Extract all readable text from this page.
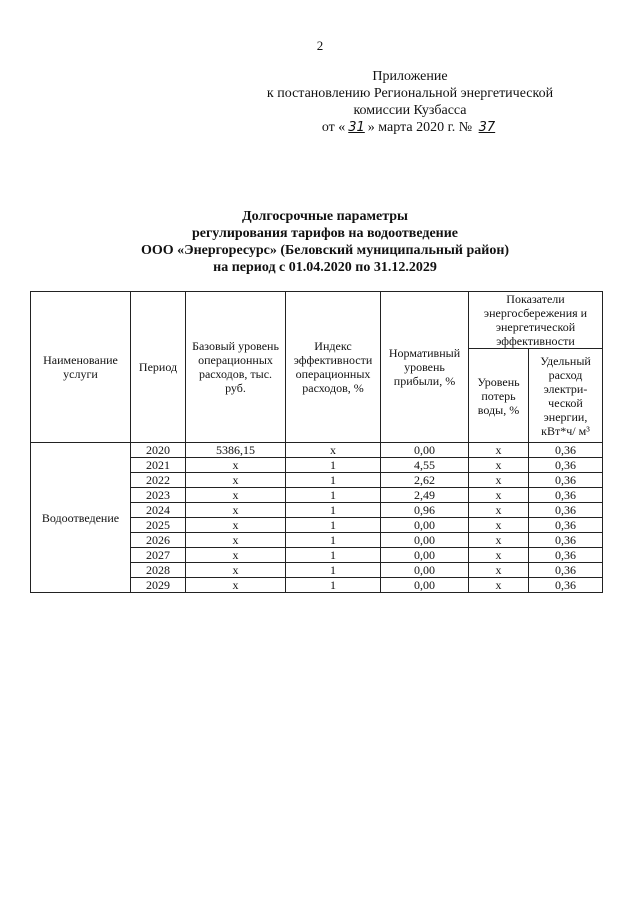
2
Приложение
к постановлению Региональной энергетической
комиссии Кузбасса
от « 31 » марта 2020 г. № 37
Долгосрочные параметры
регулирования тарифов на водоотведение
ООО «Энергоресурс» (Беловский муниципальный район)
на период с 01.04.2020 по 31.12.2029
Наименование услуги	Период	Базовый уровень операционных расходов, тыс. руб.	Индекс эффективности операционных расходов, %	Нормативный уровень прибыли, %	Показатели энергосбережения и энергетической эффективности	
					Уровень потерь воды, %	Удельный расход электри-ческой энергии, кВт*ч/ м³
Водоотведение	2020	5386,15	x	0,00	x	0,36
	2021	x	1	4,55	x	0,36
	2022	x	1	2,62	x	0,36
	2023	x	1	2,49	x	0,36
	2024	x	1	0,96	x	0,36
	2025	x	1	0,00	x	0,36
	2026	x	1	0,00	x	0,36
	2027	x	1	0,00	x	0,36
	2028	x	1	0,00	x	0,36
	2029	x	1	0,00	x	0,36
